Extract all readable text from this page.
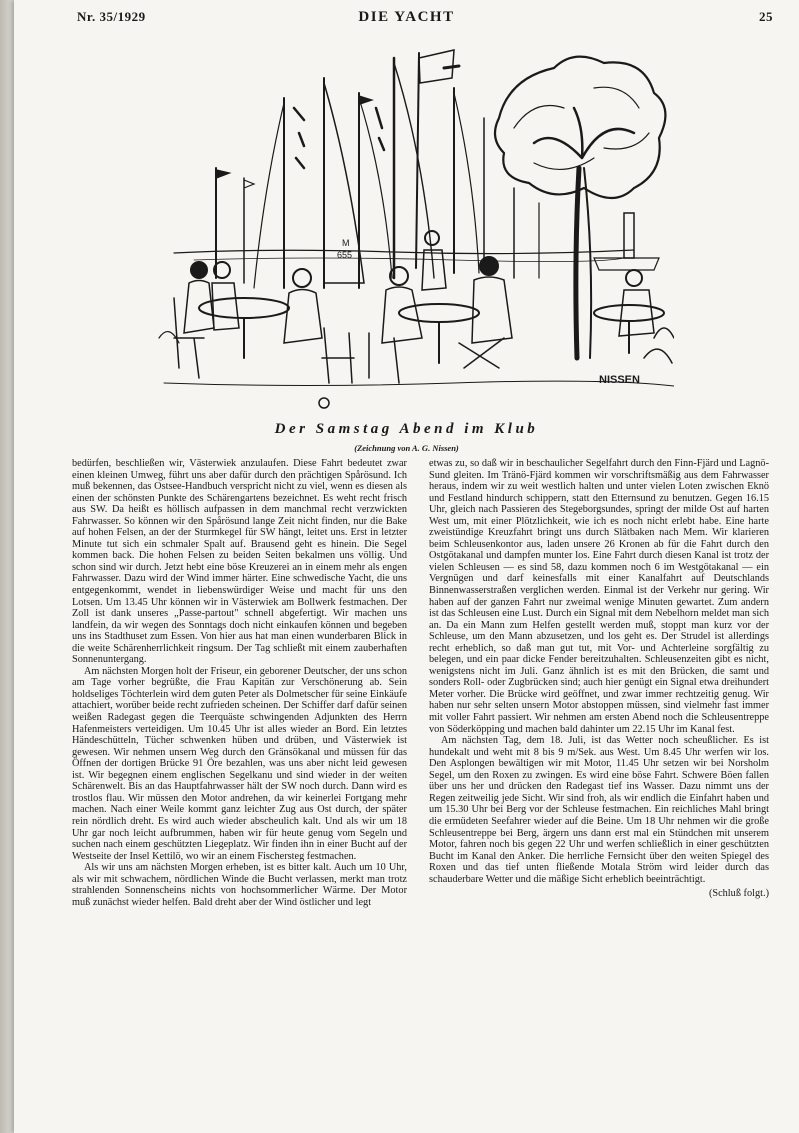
Nr. 35/1929	DIE YACHT	25
M
655
NISSEN
Der Samstag Abend im Klub
(Zeichnung von A. G. Nissen)

bedürfen, beschließen wir, Västerwiek anzulaufen. Diese Fahrt bedeutet zwar einen kleinen Umweg, führt uns aber dafür durch den prächtigen Spårösund. Ich muß bekennen, das Ostsee-Handbuch verspricht nicht zu viel, wenn es diesen als einen der schönsten Punkte des Schärengartens bezeichnet. Es weht recht frisch aus SW. Da heißt es höllisch aufpassen in dem manchmal recht verzwickten Fahrwasser. So können wir den Spårösund lange Zeit nicht finden, nur die Bake auf hohen Felsen, an der der Sturmkegel für SW hängt, leitet uns. Erst in letzter Minute tut sich ein schmaler Spalt auf. Brausend geht es hinein. Die Segel kommen back. Die hohen Felsen zu beiden Seiten bekalmen uns völlig. Und schon sind wir durch. Jetzt hebt eine böse Kreuzerei an in einem mehr als engen Fahrwasser. Dazu wird der Wind immer härter. Eine schwedische Yacht, die uns entgegenkommt, wendet in liebenswürdiger Weise und macht für uns den Lotsen. Um 13.45 Uhr können wir in Västerwiek am Bollwerk festmachen. Der Zoll ist dank unseres „Passe-partout" schnell abgefertigt. Wir machen uns landfein, da wir wegen des Sonntags doch nicht einkaufen können und begeben uns ins Stadthuset zum Essen. Von hier aus hat man einen wunderbaren Blick in die weite Schärenherrlichkeit ringsum. Der Tag schließt mit einem zauberhaften Sonnenuntergang.

Am nächsten Morgen holt der Friseur, ein geborener Deutscher, der uns schon am Tage vorher begrüßte, die Frau Kapitän zur Verschönerung ab. Sein holdseliges Töchterlein wird dem guten Peter als Dolmetscher für seine Einkäufe attachiert, worüber beide recht zufrieden scheinen. Der Schiffer darf dafür seinen weißen Radegast gegen die Teerquäste schwingenden Adjunkten des Herrn Hafenmeisters verteidigen. Um 10.45 Uhr ist alles wieder an Bord. Ein letztes Händeschütteln, Tücher schwenken hüben und drüben, und Västerwiek ist gewesen. Wir nehmen unsern Weg durch den Gränsökanal und müssen für das Öffnen der dortigen Brücke 91 Öre bezahlen, was uns aber nicht leid gewesen ist. Wir begegnen einem englischen Segelkanu und sind wieder in der weiten Schärenwelt. Bis an das Hauptfahrwasser hält der SW noch durch. Dann wird es trostlos flau. Wir müssen den Motor andrehen, da wir keinerlei Fortgang mehr machen. Nach einer Weile kommt ganz leichter Zug aus Ost durch, der später rein nördlich dreht. Es wird auch wieder abscheulich kalt. Und als wir um 18 Uhr gar noch leicht aufbrummen, haben wir für heute genug vom Segeln und suchen nach einem geschützten Liegeplatz. Wir finden ihn in einer Bucht auf der Westseite der Insel Kettilö, wo wir an einem Fischersteg festmachen.

Als wir uns am nächsten Morgen erheben, ist es bitter kalt. Auch um 10 Uhr, als wir mit schwachem, nördlichen Winde die Bucht verlassen, merkt man trotz strahlenden Sonnenscheins nichts von hochsommerlicher Wärme. Der Motor muß zunächst wieder helfen. Bald dreht aber der Wind östlicher und legt

etwas zu, so daß wir in beschaulicher Segelfahrt durch den Finn-Fjärd und Lagnö-Sund gleiten. Im Tränö-Fjärd kommen wir vorschriftsmäßig aus dem Fahrwasser heraus, indem wir zu weit westlich halten und unter vielen Loten zwischen Eknö und Festland hindurch schippern, statt den Etternsund zu benutzen. Gegen 16.15 Uhr, gleich nach Passieren des Stegeborgsundes, springt der milde Ost auf harten West um, mit einer Plötzlichkeit, wie ich es noch nicht erlebt habe. Eine harte zweistündige Kreuzfahrt bringt uns durch Slätbaken nach Mem. Wir klarieren beim Schleusenkontor aus, laden unsere 26 Kronen ab für die Fahrt durch den Ostgötakanal und dampfen munter los. Eine Fahrt durch diesen Kanal ist trotz der vielen Schleusen — es sind 58, dazu kommen noch 6 im Westgötakanal — ein Vergnügen und darf keinesfalls mit einer Kanalfahrt auf Deutschlands Binnenwasserstraßen verglichen werden. Einmal ist der Verkehr nur gering. Wir haben auf der ganzen Fahrt nur zweimal wenige Minuten gewartet. Zum andern ist das Schleusen eine Lust. Durch ein Signal mit dem Nebelhorn meldet man sich an. Da ein Mann zum Helfen gestellt werden muß, stoppt man kurz vor der Schleuse, um den Mann abzusetzen, und los geht es. Der Strudel ist allerdings recht erheblich, so daß man gut tut, mit Vor- und Achterleine sorgfältig zu belegen, und ein paar dicke Fender bereitzuhalten. Schleusenzeiten gibt es nicht, wenigstens nicht im Juli. Ganz ähnlich ist es mit den Brücken, die samt und sonders Roll- oder Zugbrücken sind; auch hier genügt ein Signal etwa dreihundert Meter vorher. Die Brücke wird geöffnet, und zwar immer rechtzeitig genug. Wir haben nur sehr selten unsern Motor abstoppen müssen, sind vielmehr fast immer mit voller Fahrt passiert. Wir nehmen am ersten Abend noch die Schleusentreppe von Söderköpping und machen bald dahinter um 22.15 Uhr im Kanal fest.

Am nächsten Tag, dem 18. Juli, ist das Wetter noch scheußlicher. Es ist hundekalt und weht mit 8 bis 9 m/Sek. aus West. Um 8.45 Uhr werfen wir los. Den Asplongen bewältigen wir mit Motor, 11.45 Uhr setzen wir bei Norsholm Segel, um den Roxen zu zwingen. Es wird eine böse Fahrt. Schwere Böen fallen über uns her und drücken den Radegast tief ins Wasser. Dazu nimmt uns der Regen zeitweilig jede Sicht. Wir sind froh, als wir endlich die Einfahrt haben und um 15.30 Uhr bei Berg vor der Schleuse festmachen. Ein reichliches Mahl bringt die ermüdeten Seefahrer wieder auf die Beine. Um 18 Uhr nehmen wir die große Schleusentreppe bei Berg, ärgern uns dann erst mal ein Stündchen mit unserem Motor, fahren noch bis gegen 22 Uhr und werfen schließlich in einer geschützten Bucht im Kanal den Anker. Die herrliche Fernsicht über den weiten Spiegel des Roxen und das tief unten fließende Motala Ström wird leider durch das schauderbare Wetter und die mäßige Sicht erheblich beeinträchtigt.

(Schluß folgt.)
